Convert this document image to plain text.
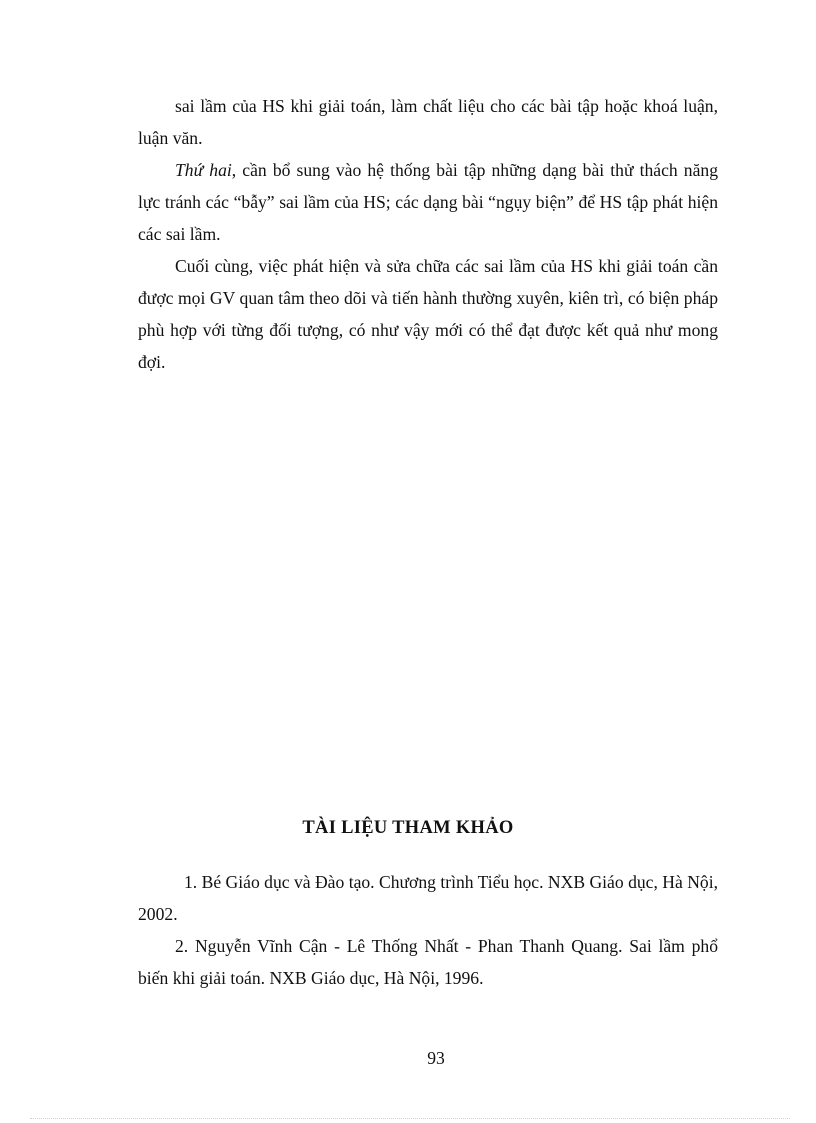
sai lầm của HS khi giải toán, làm chất liệu cho các bài tập hoặc khoá luận, luận văn.

Thứ hai, cần bổ sung vào hệ thống bài tập những dạng bài thử thách năng lực tránh các “bẫy” sai lầm của HS; các dạng bài “ngụy biện” để HS tập phát hiện các sai lầm.

Cuối cùng, việc phát hiện và sửa chữa các sai lầm của HS khi giải toán cần được mọi GV quan tâm theo dõi và tiến hành thường xuyên, kiên trì, có biện pháp phù hợp với từng đối tượng, có như vậy mới có thể đạt được kết quả như mong đợi.

TÀI LIỆU THAM KHẢO

1. Bé Giáo dục và Đào tạo. Chương trình Tiểu học. NXB Giáo dục, Hà Nội, 2002.

2. Nguyễn Vĩnh Cận - Lê Thống Nhất - Phan Thanh Quang. Sai lầm phổ biến khi giải toán. NXB Giáo dục, Hà Nội, 1996.

93
